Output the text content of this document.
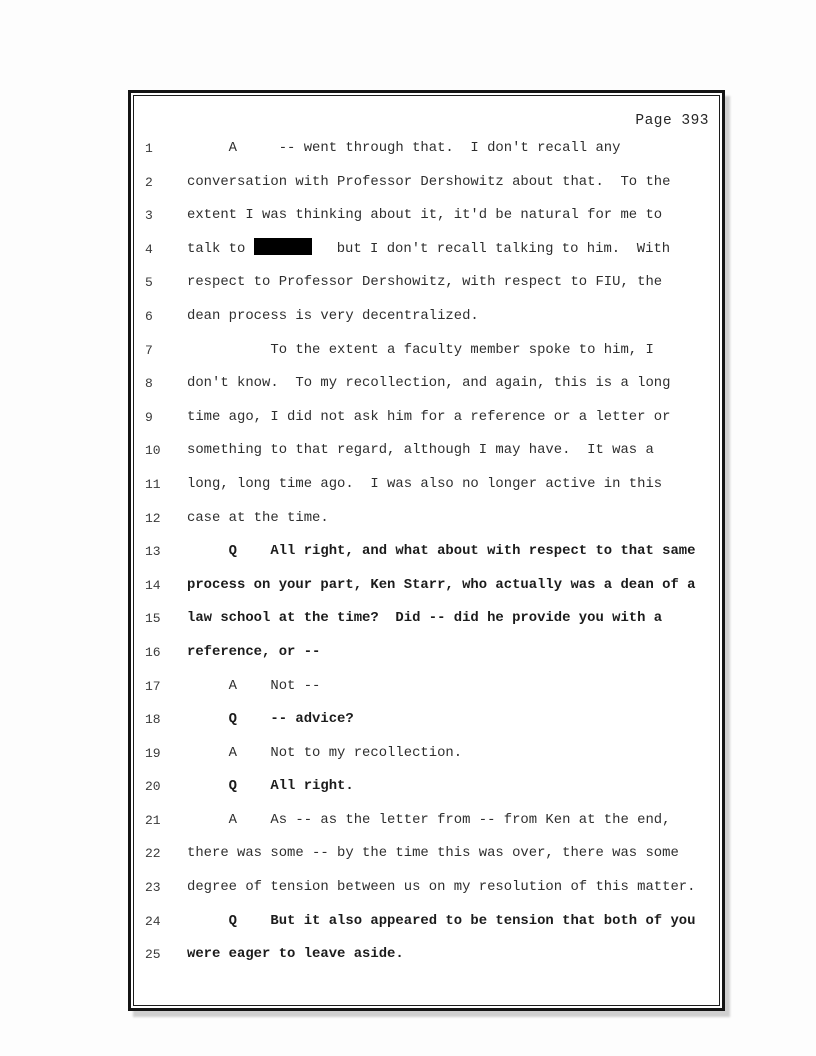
Page 393
1	A     -- went through that.  I don't recall any
2	conversation with Professor Dershowitz about that.  To the
3	extent I was thinking about it, it'd be natural for me to
4	talk to	but I don't recall talking to him.  With
5	respect to Professor Dershowitz, with respect to FIU, the
6	dean process is very decentralized.
7	To the extent a faculty member spoke to him, I
8	don't know.  To my recollection, and again, this is a long
9	time ago, I did not ask him for a reference or a letter or
10	something to that regard, although I may have.  It was a
11	long, long time ago.  I was also no longer active in this
12	case at the time.
13	Q    All right, and what about with respect to that same
14	process on your part, Ken Starr, who actually was a dean of a
15	law school at the time?  Did -- did he provide you with a
16	reference, or --
17	A    Not --
18	Q    -- advice?
19	A    Not to my recollection.
20	Q    All right.
21	A    As -- as the letter from -- from Ken at the end,
22	there was some -- by the time this was over, there was some
23	degree of tension between us on my resolution of this matter.
24	Q    But it also appeared to be tension that both of you
25	were eager to leave aside.
